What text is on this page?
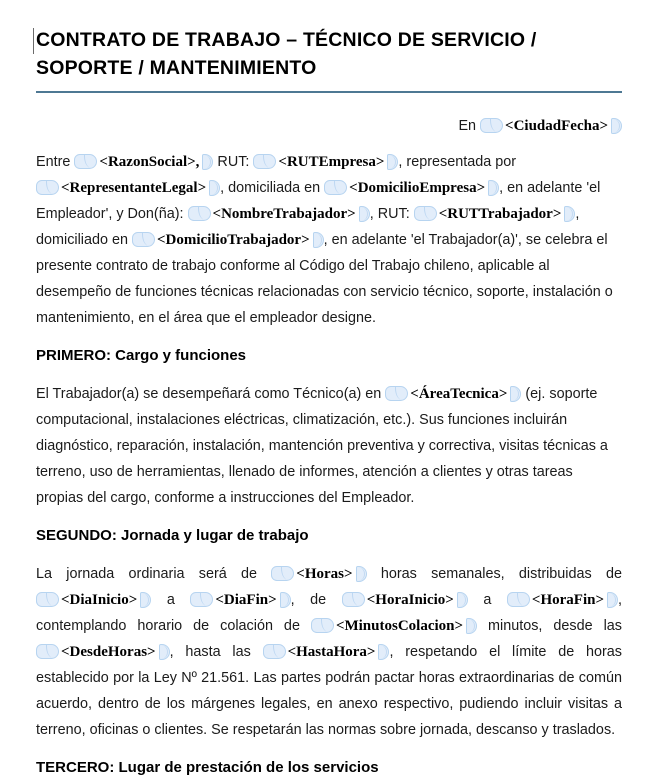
CONTRATO DE TRABAJO – TÉCNICO DE SERVICIO / SOPORTE / MANTENIMIENTO

En <CiudadFecha>

Entre <RazonSocial>, RUT: <RUTEmpresa> , representada por <RepresentanteLegal> , domiciliada en <DomicilioEmpresa> , en adelante 'el Empleador', y Don(ña): <NombreTrabajador> , RUT: <RUTTrabajador> , domiciliado en <DomicilioTrabajador> , en adelante 'el Trabajador(a)', se celebra el presente contrato de trabajo conforme al Código del Trabajo chileno, aplicable al desempeño de funciones técnicas relacionadas con servicio técnico, soporte, instalación o mantenimiento, en el área que el empleador designe.

PRIMERO: Cargo y funciones

El Trabajador(a) se desempeñará como Técnico(a) en <ÁreaTecnica> (ej. soporte computacional, instalaciones eléctricas, climatización, etc.). Sus funciones incluirán diagnóstico, reparación, instalación, mantención preventiva y correctiva, visitas técnicas a terreno, uso de herramientas, llenado de informes, atención a clientes y otras tareas propias del cargo, conforme a instrucciones del Empleador.

SEGUNDO: Jornada y lugar de trabajo

La jornada ordinaria será de <Horas> horas semanales, distribuidas de <DiaInicio> a <DiaFin> , de <HoraInicio> a <HoraFin> , contemplando horario de colación de <MinutosColacion> minutos, desde las <DesdeHoras> , hasta las <HastaHora> , respetando el límite de horas establecido por la Ley Nº 21.561. Las partes podrán pactar horas extraordinarias de común acuerdo, dentro de los márgenes legales, en anexo respectivo, pudiendo incluir visitas a terreno, oficinas o clientes. Se respetarán las normas sobre jornada, descanso y traslados.

TERCERO: Lugar de prestación de los servicios
